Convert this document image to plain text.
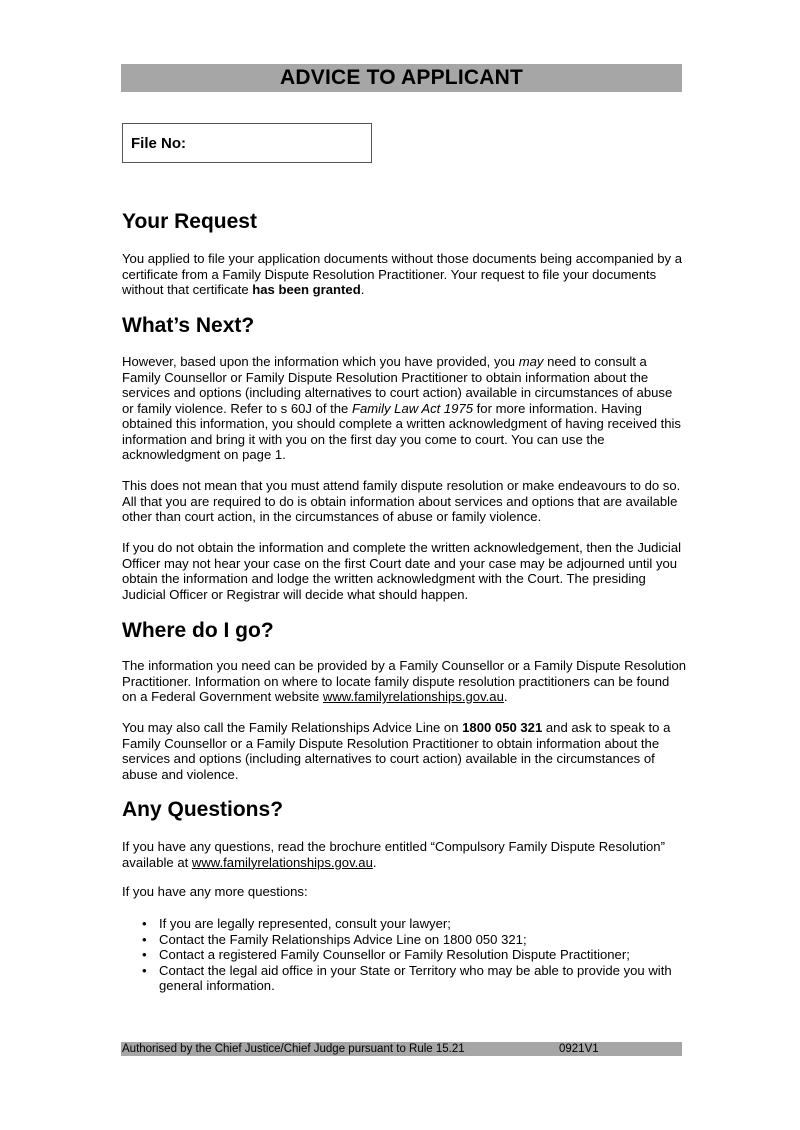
ADVICE TO APPLICANT
File No:
Your Request

You applied to file your application documents without those documents being accompanied by a certificate from a Family Dispute Resolution Practitioner. Your request to file your documents without that certificate has been granted.

What’s Next?

However, based upon the information which you have provided, you may need to consult a Family Counsellor or Family Dispute Resolution Practitioner to obtain information about the services and options (including alternatives to court action) available in circumstances of abuse or family violence. Refer to s 60J of the Family Law Act 1975 for more information. Having obtained this information, you should complete a written acknowledgment of having received this information and bring it with you on the first day you come to court. You can use the acknowledgment on page 1.

This does not mean that you must attend family dispute resolution or make endeavours to do so. All that you are required to do is obtain information about services and options that are available other than court action, in the circumstances of abuse or family violence.

If you do not obtain the information and complete the written acknowledgement, then the Judicial Officer may not hear your case on the first Court date and your case may be adjourned until you obtain the information and lodge the written acknowledgment with the Court. The presiding Judicial Officer or Registrar will decide what should happen.

Where do I go?

The information you need can be provided by a Family Counsellor or a Family Dispute Resolution Practitioner. Information on where to locate family dispute resolution practitioners can be found on a Federal Government website www.familyrelationships.gov.au.

You may also call the Family Relationships Advice Line on 1800 050 321 and ask to speak to a Family Counsellor or a Family Dispute Resolution Practitioner to obtain information about the services and options (including alternatives to court action) available in the circumstances of abuse and violence.

Any Questions?

If you have any questions, read the brochure entitled “Compulsory Family Dispute Resolution” available at www.familyrelationships.gov.au.

If you have any more questions:

• If you are legally represented, consult your lawyer;
• Contact the Family Relationships Advice Line on 1800 050 321;
• Contact a registered Family Counsellor or Family Resolution Dispute Practitioner;
• Contact the legal aid office in your State or Territory who may be able to provide you with general information.
Authorised by the Chief Justice/Chief Judge pursuant to Rule 15.21	0921V1
